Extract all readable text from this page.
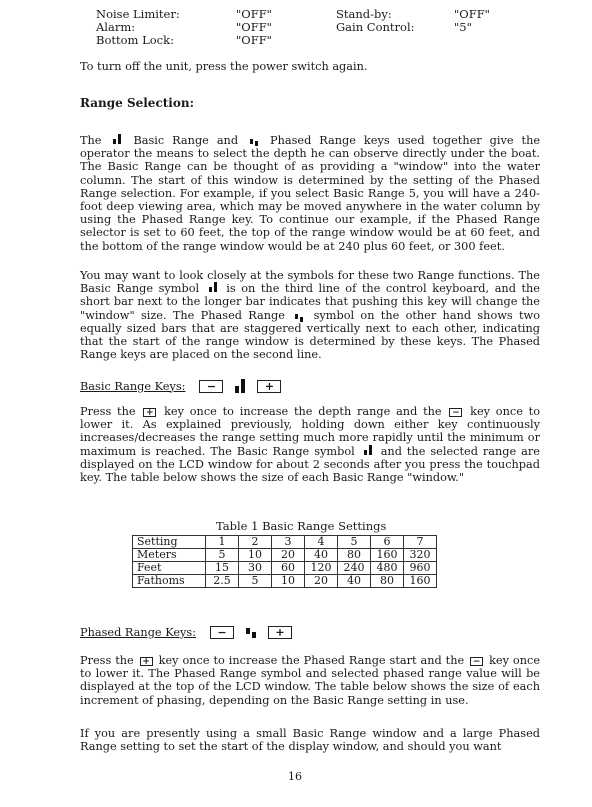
Noise Limiter:	"OFF"	Stand-by:	"OFF"
Alarm:	"OFF"	Gain Control:	"5"
Bottom Lock:	"OFF"

To turn off the unit, press the power switch again.

Range Selection:

The	Basic Range and	Phased Range keys used together give the operator the means to select the depth he can observe directly under the boat. The Basic Range can be thought of as providing a "window" into the water column. The start of this window is determined by the setting of the Phased Range selection. For example, if you select Basic Range 5, you will have a 240-foot deep viewing area, which may be moved anywhere in the water column by using the Phased Range key. To continue our example, if the Phased Range selector is set to 60 feet, the top of the range window would be at 60 feet, and the bottom of the range window would be at 240 plus 60 feet, or 300 feet.

You may want to look closely at the symbols for these two Range functions. The Basic Range symbol is on the third line of the control keyboard, and the short bar next to the longer bar indicates that pushing this key will change the "window" size. The Phased Range	symbol on the other hand shows two equally sized bars that are staggered vertically next to each other, indicating that the start of the range window is determined by these keys. The Phased Range keys are placed on the second line.

Basic Range Keys:	−	+

Press the + key once to increase the depth range and the − key once to lower it. As explained previously, holding down either key continuously increases/decreases the range setting much more rapidly until the minimum or maximum is reached. The Basic Range symbol and the selected range are displayed on the LCD window for about 2 seconds after you press the touchpad key. The table below shows the size of each Basic Range "window."

Table 1 Basic Range Settings
Setting	1	2	3	4	5	6	7
Meters	5	10	20	40	80	160	320
Feet	15	30	60	120	240	480	960
Fathoms	2.5	5	10	20	40	80	160
Phased Range Keys:	−	+

Press the + key once to increase the Phased Range start and the − key once to lower it. The Phased Range symbol and selected phased range value will be displayed at the top of the LCD window. The table below shows the size of each increment of phasing, depending on the Basic Range setting in use.

If you are presently using a small Basic Range window and a large Phased Range setting to set the start of the display window, and should you want

16
